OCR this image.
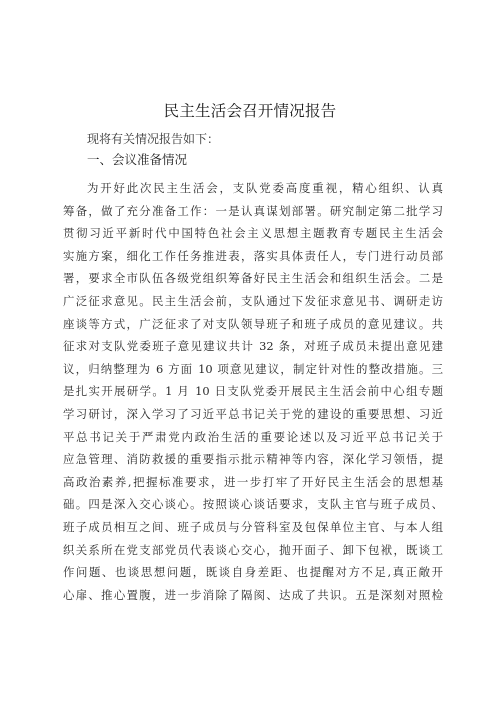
民主生活会召开情况报告
现将有关情况报告如下：
一、会议准备情况
为开好此次民主生活会，支队党委高度重视，精心组织、认真
筹备，做了充分准备工作：一是认真谋划部署。研究制定第二批学习
贯彻习近平新时代中国特色社会主义思想主题教育专题民主生活会
实施方案，细化工作任务推进表，落实具体责任人，专门进行动员部
署，要求全市队伍各级党组织筹备好民主生活会和组织生活会。二是
广泛征求意见。民主生活会前，支队通过下发征求意见书、调研走访
座谈等方式，广泛征求了对支队领导班子和班子成员的意见建议。共
征求对支队党委班子意见建议共计 32 条，对班子成员未提出意见建
议，归纳整理为 6 方面 10 项意见建议，制定针对性的整改措施。三
是扎实开展研学。1 月 10 日支队党委开展民主生活会前中心组专题
学习研讨，深入学习了习近平总书记关于党的建设的重要思想、习近
平总书记关于严肃党内政治生活的重要论述以及习近平总书记关于
应急管理、消防救援的重要指示批示精神等内容，深化学习领悟，提
高政治素养,把握标准要求，进一步打牢了开好民主生活会的思想基
础。四是深入交心谈心。按照谈心谈话要求，支队主官与班子成员、
班子成员相互之间、班子成员与分管科室及包保单位主官、与本人组
织关系所在党支部党员代表谈心交心，抛开面子、卸下包袱，既谈工
作问题、也谈思想问题，既谈自身差距、也提醒对方不足,真正敞开
心扉、推心置腹，进一步消除了隔阂、达成了共识。五是深刻对照检
